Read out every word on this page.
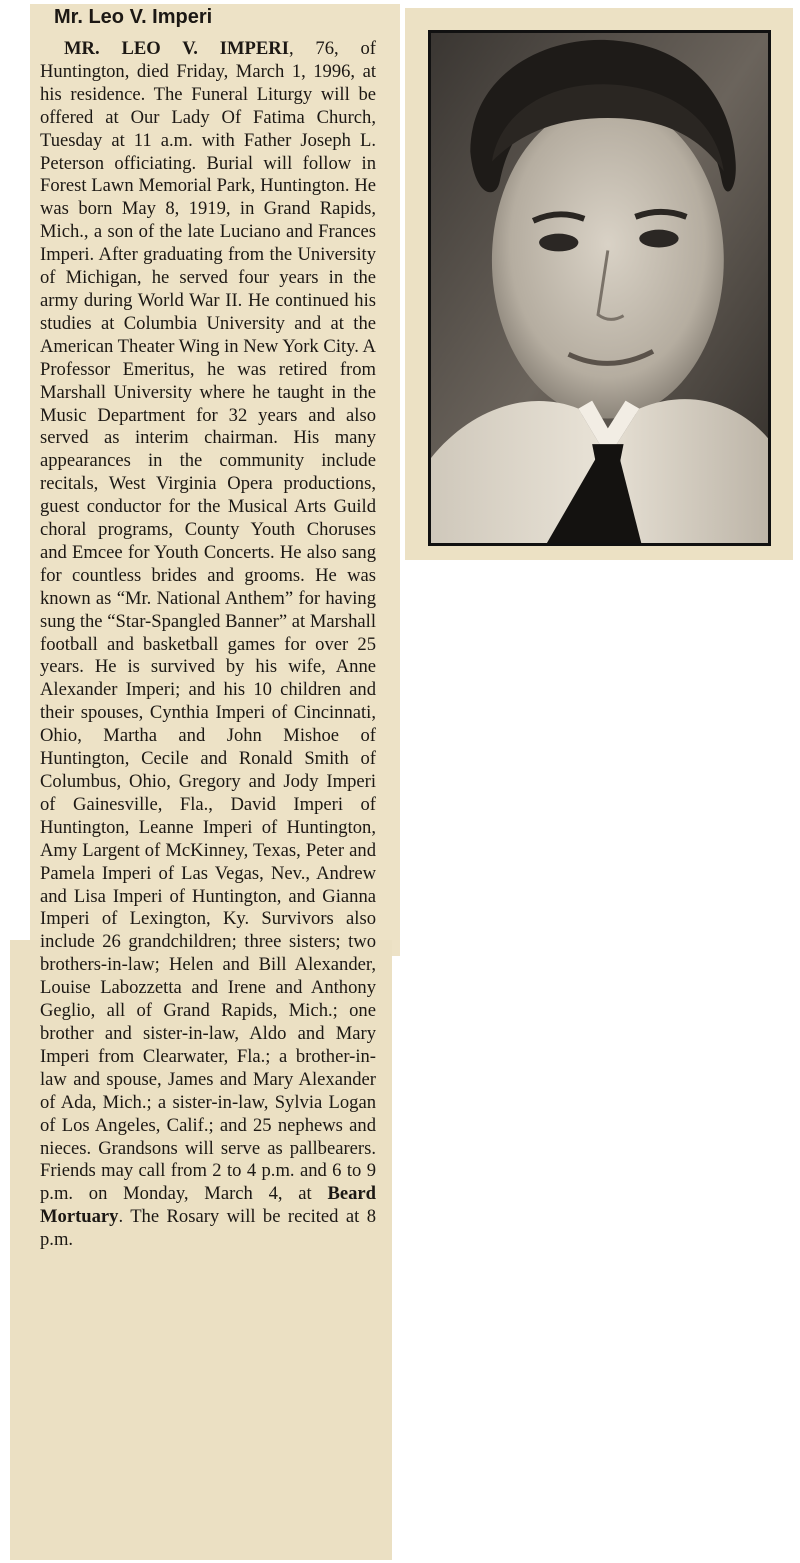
Mr. Leo V. Imperi

MR. LEO V. IMPERI, 76, of Huntington, died Friday, March 1, 1996, at his residence. The Funeral Liturgy will be offered at Our Lady Of Fatima Church, Tuesday at 11 a.m. with Father Joseph L. Peterson officiating. Burial will follow in Forest Lawn Memorial Park, Huntington. He was born May 8, 1919, in Grand Rapids, Mich., a son of the late Luciano and Frances Imperi. After graduating from the University of Michigan, he served four years in the army during World War II. He continued his studies at Columbia University and at the American Theater Wing in New York City. A Professor Emeritus, he was retired from Marshall University where he taught in the Music Department for 32 years and also served as interim chairman. His many appearances in the community include recitals, West Virginia Opera productions, guest conductor for the Musical Arts Guild choral programs, County Youth Choruses and Emcee for Youth Concerts. He also sang for countless brides and grooms. He was known as “Mr. National Anthem” for having sung the “Star-Spangled Banner” at Marshall football and basketball games for over 25 years. He is survived by his wife, Anne Alexander Imperi; and his 10 children and their spouses, Cynthia Imperi of Cincinnati, Ohio, Martha and John Mishoe of Huntington, Cecile and Ronald Smith of Columbus, Ohio, Gregory and Jody Imperi of Gainesville, Fla., David Imperi of Huntington, Leanne Imperi of Huntington, Amy Largent of McKinney, Texas, Peter and Pamela Imperi of Las Vegas, Nev., Andrew and Lisa Imperi of Huntington, and Gianna Imperi of Lexington, Ky. Survivors also include 26 grandchildren; three sisters; two brothers-in-law; Helen and Bill Alexander, Louise Labozzetta and Irene and Anthony Geglio, all of Grand Rapids, Mich.; one brother and sister-in-law, Aldo and Mary Imperi from Clearwater, Fla.; a brother-in-law and spouse, James and Mary Alexander of Ada, Mich.; a sister-in-law, Sylvia Logan of Los Angeles, Calif.; and 25 nephews and nieces. Grandsons will serve as pallbearers. Friends may call from 2 to 4 p.m. and 6 to 9 p.m. on Monday, March 4, at Beard Mortuary. The Rosary will be recited at 8 p.m.
